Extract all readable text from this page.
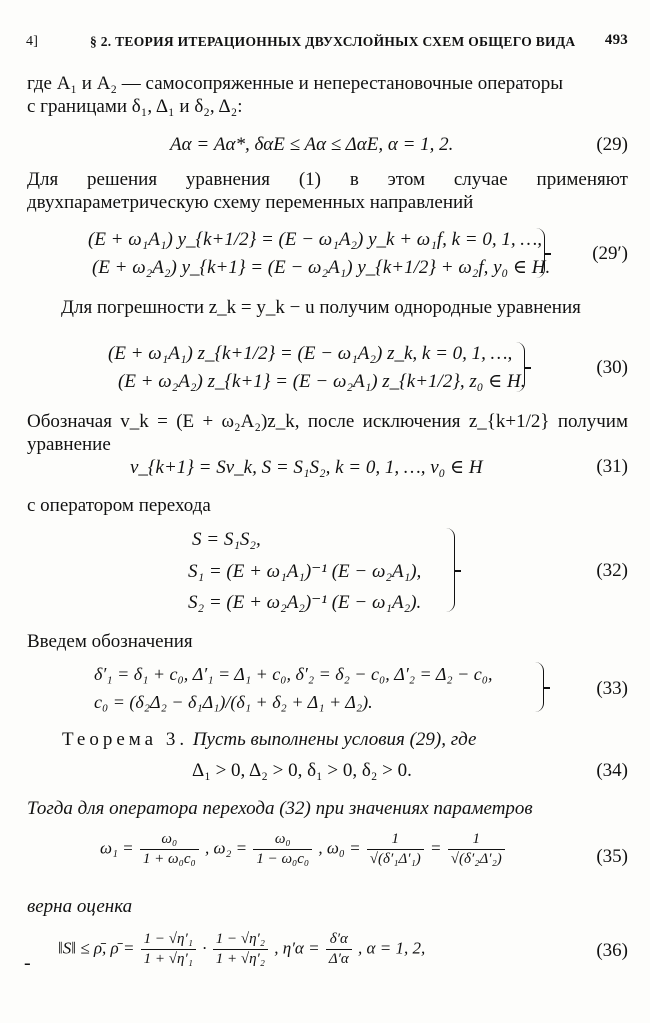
4]	§ 2. ТЕОРИЯ ИТЕРАЦИОННЫХ ДВУХСЛОЙНЫХ СХЕМ ОБЩЕГО ВИДА 493
где A₁ и A₂ — самосопряженные и неперестановочные операторы
с границами δ₁, Δ₁ и δ₂, Δ₂:
Aα = Aα*, δαE ≤ Aα ≤ ΔαE, α = 1, 2.	(29)
Для решения уравнения (1) в этом случае применяют двухпараметрическую схему переменных направлений
(E + ω₁A₁) y_{k+1/2} = (E − ω₁A₂) y_k + ω₁f, k = 0, 1, …,
(E + ω₂A₂) y_{k+1} = (E − ω₂A₁) y_{k+1/2} + ω₂f, y₀ ∈ H.
(29′)
Для погрешности z_k = y_k − u получим однородные уравнения
(E + ω₁A₁) z_{k+1/2} = (E − ω₁A₂) z_k, k = 0, 1, …,
(E + ω₂A₂) z_{k+1} = (E − ω₂A₁) z_{k+1/2}, z₀ ∈ H.
(30)
Обозначая v_k = (E + ω₂A₂)z_k, после исключения z_{k+1/2} получим уравнение
v_{k+1} = Sv_k, S = S₁S₂, k = 0, 1, …, v₀ ∈ H	(31)
с оператором перехода
S = S₁S₂,
S₁ = (E + ω₁A₁)⁻¹ (E − ω₂A₁),
S₂ = (E + ω₂A₂)⁻¹ (E − ω₁A₂).
(32)
Введем обозначения
δ′₁ = δ₁ + c₀, Δ′₁ = Δ₁ + c₀, δ′₂ = δ₂ − c₀, Δ′₂ = Δ₂ − c₀,
c₀ = (δ₂Δ₂ − δ₁Δ₁)/(δ₁ + δ₂ + Δ₁ + Δ₂).
(33)
Теорема 3. Пусть выполнены условия (29), где
Δ₁ > 0, Δ₂ > 0, δ₁ > 0, δ₂ > 0.	(34)
Тогда для оператора перехода (32) при значениях параметров
$\omega_1 = \frac{\text{ω₀}}{\text{1 + ω₀c₀}}$ , $\omega_2 = \frac{\text{ω₀}}{\text{1 − ω₀c₀}}$ , $\omega_0 = \frac{1}{\text{√(δ′₁Δ′₁)}} = \frac{1}{\text{√(δ′₂Δ′₂)}}$	(35)
верна оценка
-
‖S‖ ≤ ρ̄, ρ̄ = $\frac{\text{1 − √η′₁}}{\text{1 + √η′₁}} \cdot \frac{\text{1 − √η′₂}}{\text{1 + √η′₂}}$ , $\eta'\alpha = \frac{\delta'\alpha}{\Delta'\alpha}$ , α = 1, 2,	(36)
